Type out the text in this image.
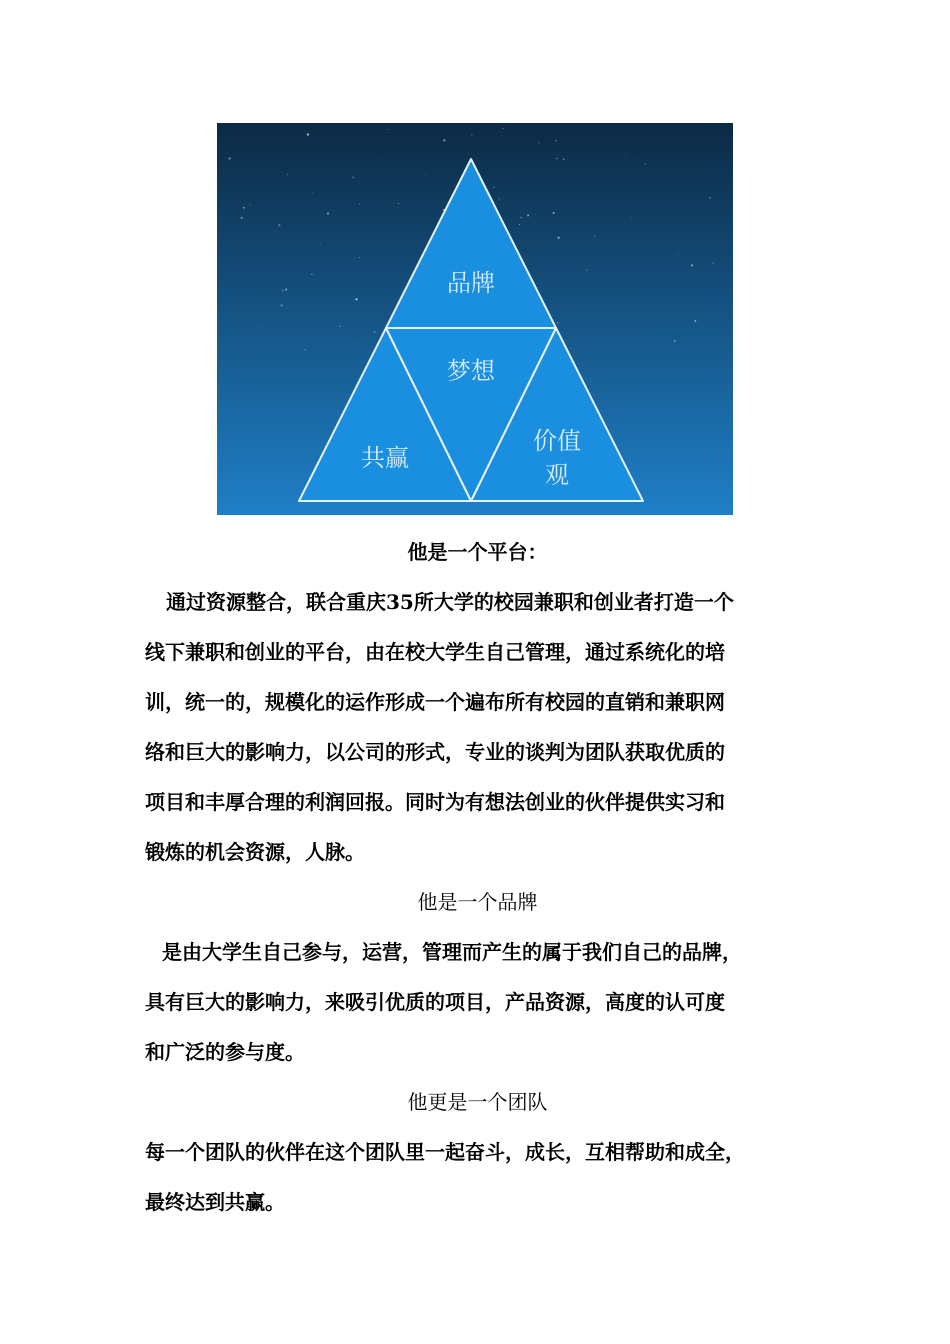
品牌
梦想
共赢
价值
观
他是一个平台：
通过资源整合，联合重庆35所大学的校园兼职和创业者打造一个
线下兼职和创业的平台，由在校大学生自己管理，通过系统化的培
训，统一的，规模化的运作形成一个遍布所有校园的直销和兼职网
络和巨大的影响力，以公司的形式，专业的谈判为团队获取优质的
项目和丰厚合理的利润回报。同时为有想法创业的伙伴提供实习和
锻炼的机会资源，人脉。
他是一个品牌
是由大学生自己参与，运营，管理而产生的属于我们自己的品牌，
具有巨大的影响力，来吸引优质的项目，产品资源，高度的认可度
和广泛的参与度。
他更是一个团队
每一个团队的伙伴在这个团队里一起奋斗，成长，互相帮助和成全，
最终达到共赢。
